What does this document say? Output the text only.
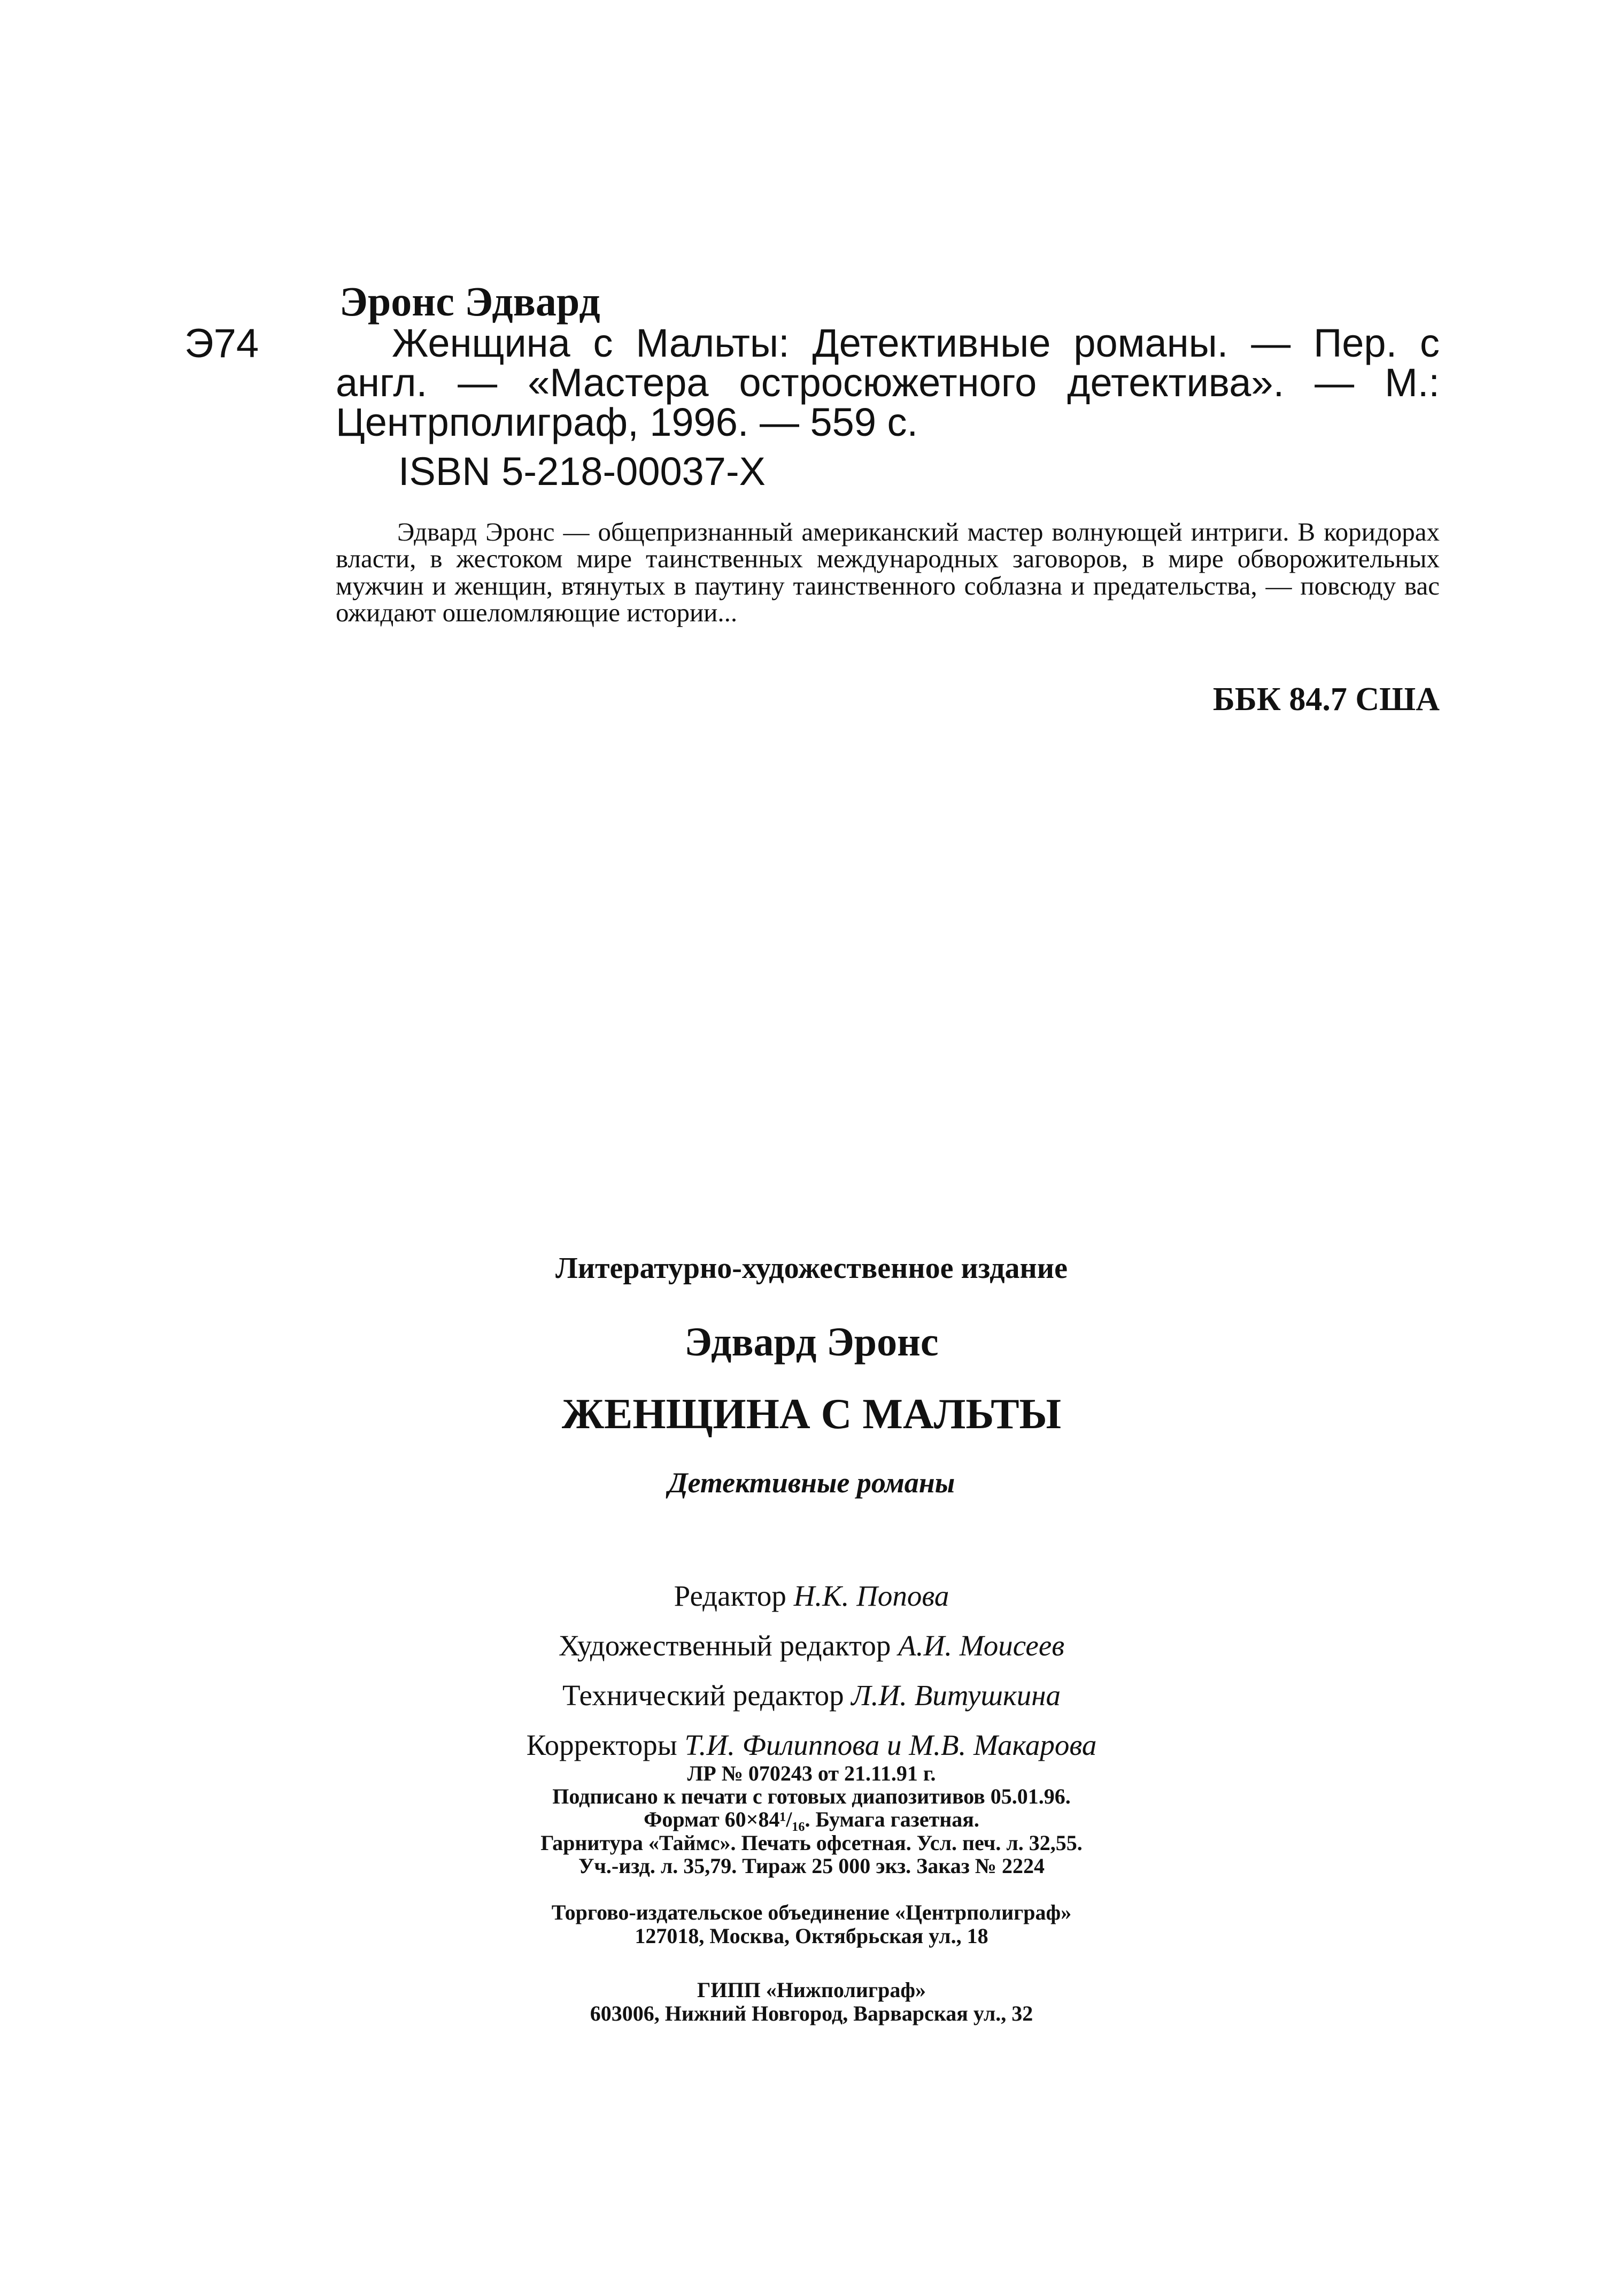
Э74
Эронс Эдвард
Женщина с Мальты: Детективные романы. — Пер. с англ. — «Мастера остросюжетного детектива». — М.: Центрполиграф, 1996. — 559 с.
ISBN 5-218-00037-X
Эдвард Эронс — общепризнанный американский мастер волнующей интриги. В коридорах власти, в жестоком мире таинственных международных заговоров, в мире обворожительных мужчин и женщин, втянутых в паутину таинственного соблазна и предательства, — повсюду вас ожидают ошеломляющие истории...
ББК 84.7 США
Литературно-художественное издание
Эдвард Эронс
ЖЕНЩИНА С МАЛЬТЫ
Детективные романы
Редактор Н.К. Попова
Художественный редактор А.И. Моисеев
Технический редактор Л.И. Витушкина
Корректоры Т.И. Филиппова и М.В. Макарова
ЛР № 070243 от 21.11.91 г.
Подписано к печати с готовых диапозитивов 05.01.96.
Формат 60×84¹/₁₆. Бумага газетная.
Гарнитура «Таймс». Печать офсетная. Усл. печ. л. 32,55.
Уч.-изд. л. 35,79. Тираж 25 000 экз. Заказ № 2224
Торгово-издательское объединение «Центрполиграф»
127018, Москва, Октябрьская ул., 18
ГИПП «Нижполиграф»
603006, Нижний Новгород, Варварская ул., 32
